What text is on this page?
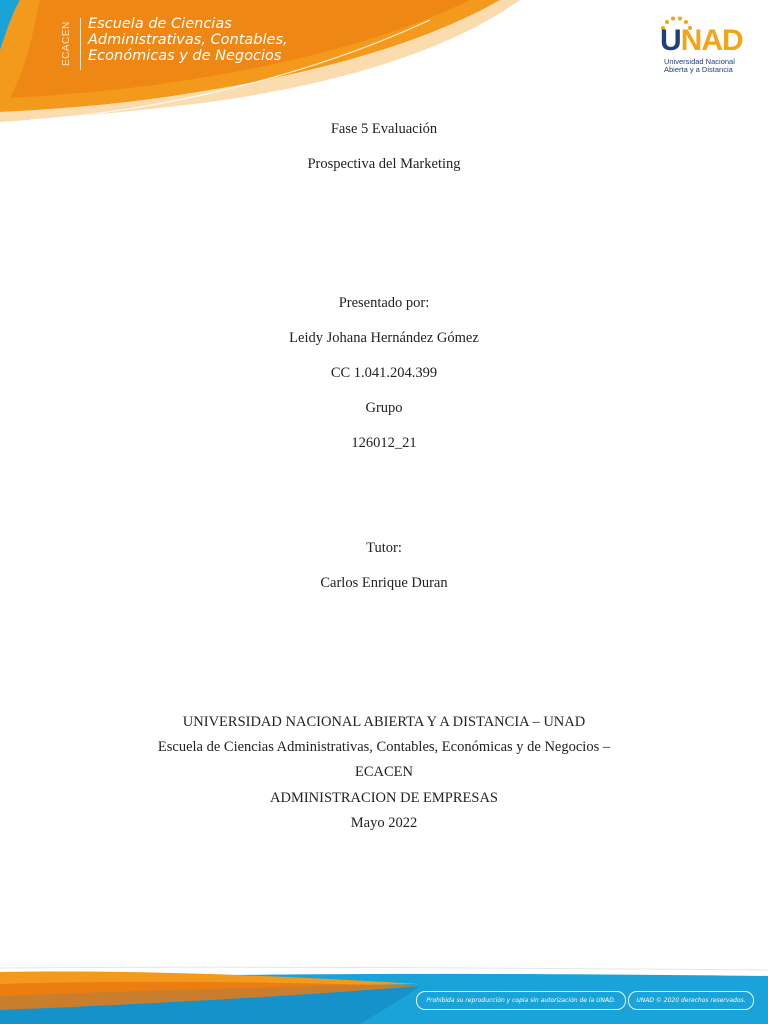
ECACEN Escuela de Ciencias
Administrativas, Contables,
Económicas y de Negocios	UNAD
Universidad Nacional
Abierta y a Distancia
Fase 5 Evaluación
Prospectiva del Marketing
Presentado por:
Leidy Johana Hernández Gómez
CC 1.041.204.399
Grupo
126012_21
Tutor:
Carlos Enrique Duran
UNIVERSIDAD NACIONAL ABIERTA Y A DISTANCIA – UNAD
Escuela de Ciencias Administrativas, Contables, Económicas y de Negocios –
ECACEN
ADMINISTRACION DE EMPRESAS
Mayo 2022
Prohibida su reproducción y copia sin autorización de la UNAD.	UNAD © 2020 derechos reservados.
